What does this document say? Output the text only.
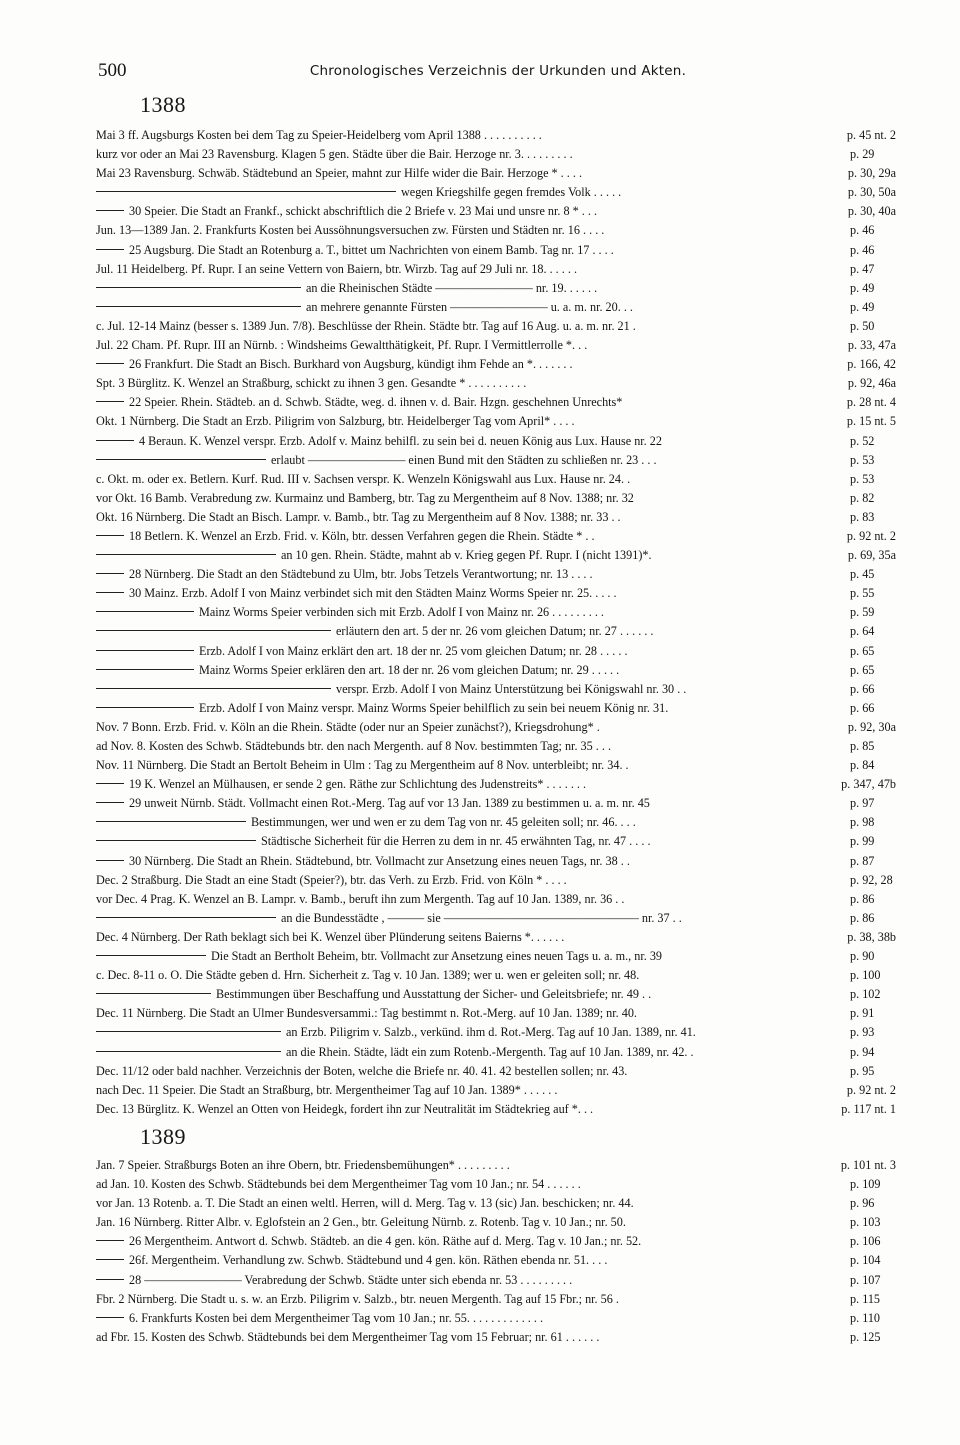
500	Chronologisches Verzeichnis der Urkunden und Akten.
1388
Mai 3 ff. Augsburgs Kosten bei dem Tag zu Speier-Heidelberg vom April 1388 . . . . . . . . . .	p. 45 nt. 2
kurz vor oder an Mai 23 Ravensburg. Klagen 5 gen. Städte über die Bair. Herzoge nr. 3. . . . . . . . .	p. 29
Mai 23 Ravensburg. Schwäb. Städtebund an Speier, mahnt zur Hilfe wider die Bair. Herzoge * . . . .	p. 30, 29a
wegen Kriegshilfe gegen fremdes Volk . . . . .	p. 30, 50a
30 Speier. Die Stadt an Frankf., schickt abschriftlich die 2 Briefe v. 23 Mai und unsre nr. 8 * . . .	p. 30, 40a
Jun. 13—1389 Jan. 2. Frankfurts Kosten bei Aussöhnungsversuchen zw. Fürsten und Städten nr. 16 . . . .	p. 46
25 Augsburg. Die Stadt an Rotenburg a. T., bittet um Nachrichten von einem Bamb. Tag nr. 17 . . . .	p. 46
Jul. 11 Heidelberg. Pf. Rupr. I an seine Vettern von Baiern, btr. Wirzb. Tag auf 29 Juli nr. 18. . . . . .	p. 47
an die Rheinischen Städte ———————— nr. 19. . . . . .	p. 49
an mehrere genannte Fürsten ———————— u. a. m. nr. 20. . .	p. 49
c. Jul. 12-14 Mainz (besser s. 1389 Jun. 7/8). Beschlüsse der Rhein. Städte btr. Tag auf 16 Aug. u. a. m. nr. 21 .	p. 50
Jul. 22 Cham. Pf. Rupr. III an Nürnb. : Windsheims Gewaltthätigkeit, Pf. Rupr. I Vermittlerrolle *. . .	p. 33, 47a
26 Frankfurt. Die Stadt an Bisch. Burkhard von Augsburg, kündigt ihm Fehde an *. . . . . . .	p. 166, 42
Spt. 3 Bürglitz. K. Wenzel an Straßburg, schickt zu ihnen 3 gen. Gesandte * . . . . . . . . . .	p. 92, 46a
22 Speier. Rhein. Städteb. an d. Schwb. Städte, weg. d. ihnen v. d. Bair. Hzgn. geschehnen Unrechts*	p. 28 nt. 4
Okt. 1 Nürnberg. Die Stadt an Erzb. Piligrim von Salzburg, btr. Heidelberger Tag vom April* . . . .	p. 15 nt. 5
4 Beraun. K. Wenzel verspr. Erzb. Adolf v. Mainz behilfl. zu sein bei d. neuen König aus Lux. Hause nr. 22	p. 52
erlaubt ———————— einen Bund mit den Städten zu schließen nr. 23 . . .	p. 53
c. Okt. m. oder ex. Betlern. Kurf. Rud. III v. Sachsen verspr. K. Wenzeln Königswahl aus Lux. Hause nr. 24. .	p. 53
vor Okt. 16 Bamb. Verabredung zw. Kurmainz und Bamberg, btr. Tag zu Mergentheim auf 8 Nov. 1388; nr. 32	p. 82
Okt. 16 Nürnberg. Die Stadt an Bisch. Lampr. v. Bamb., btr. Tag zu Mergentheim auf 8 Nov. 1388; nr. 33 . .	p. 83
18 Betlern. K. Wenzel an Erzb. Frid. v. Köln, btr. dessen Verfahren gegen die Rhein. Städte * . .	p. 92 nt. 2
an 10 gen. Rhein. Städte, mahnt ab v. Krieg gegen Pf. Rupr. I (nicht 1391)*.	p. 69, 35a
28 Nürnberg. Die Stadt an den Städtebund zu Ulm, btr. Jobs Tetzels Verantwortung; nr. 13 . . . .	p. 45
30 Mainz. Erzb. Adolf I von Mainz verbindet sich mit den Städten Mainz Worms Speier nr. 25. . . . .	p. 55
Mainz Worms Speier verbinden sich mit Erzb. Adolf I von Mainz nr. 26 . . . . . . . . .	p. 59
erläutern den art. 5 der nr. 26 vom gleichen Datum; nr. 27 . . . . . .	p. 64
Erzb. Adolf I von Mainz erklärt den art. 18 der nr. 25 vom gleichen Datum; nr. 28 . . . . .	p. 65
Mainz Worms Speier erklären den art. 18 der nr. 26 vom gleichen Datum; nr. 29 . . . . .	p. 65
verspr. Erzb. Adolf I von Mainz Unterstützung bei Königswahl nr. 30 . .	p. 66
Erzb. Adolf I von Mainz verspr. Mainz Worms Speier behilflich zu sein bei neuem König nr. 31.	p. 66
Nov. 7 Bonn. Erzb. Frid. v. Köln an die Rhein. Städte (oder nur an Speier zunächst?), Kriegsdrohung* .	p. 92, 30a
ad Nov. 8. Kosten des Schwb. Städtebunds btr. den nach Mergenth. auf 8 Nov. bestimmten Tag; nr. 35 . . .	p. 85
Nov. 11 Nürnberg. Die Stadt an Bertolt Beheim in Ulm : Tag zu Mergentheim auf 8 Nov. unterbleibt; nr. 34. .	p. 84
19 K. Wenzel an Mülhausen, er sende 2 gen. Räthe zur Schlichtung des Judenstreits* . . . . . . .	p. 347, 47b
29 unweit Nürnb. Städt. Vollmacht einen Rot.-Merg. Tag auf vor 13 Jan. 1389 zu bestimmen u. a. m. nr. 45	p. 97
Bestimmungen, wer und wen er zu dem Tag von nr. 45 geleiten soll; nr. 46. . . .	p. 98
Städtische Sicherheit für die Herren zu dem in nr. 45 erwähnten Tag, nr. 47 . . . .	p. 99
30 Nürnberg. Die Stadt an Rhein. Städtebund, btr. Vollmacht zur Ansetzung eines neuen Tags, nr. 38 . .	p. 87
Dec. 2 Straßburg. Die Stadt an eine Stadt (Speier?), btr. das Verh. zu Erzb. Frid. von Köln * . . . .	p. 92, 28
vor Dec. 4 Prag. K. Wenzel an B. Lampr. v. Bamb., beruft ihn zum Mergenth. Tag auf 10 Jan. 1389, nr. 36 . .	p. 86
an die Bundesstädte , ——— sie ———————————————— nr. 37 . .	p. 86
Dec. 4 Nürnberg. Der Rath beklagt sich bei K. Wenzel über Plünderung seitens Baierns *. . . . . .	p. 38, 38b
Die Stadt an Bertholt Beheim, btr. Vollmacht zur Ansetzung eines neuen Tags u. a. m., nr. 39	p. 90
c. Dec. 8-11 o. O. Die Städte geben d. Hrn. Sicherheit z. Tag v. 10 Jan. 1389; wer u. wen er geleiten soll; nr. 48.	p. 100
Bestimmungen über Beschaffung und Ausstattung der Sicher- und Geleitsbriefe; nr. 49 . .	p. 102
Dec. 11 Nürnberg. Die Stadt an Ulmer Bundesversammi.: Tag bestimmt n. Rot.-Merg. auf 10 Jan. 1389; nr. 40.	p. 91
an Erzb. Piligrim v. Salzb., verkünd. ihm d. Rot.-Merg. Tag auf 10 Jan. 1389, nr. 41.	p. 93
an die Rhein. Städte, lädt ein zum Rotenb.-Mergenth. Tag auf 10 Jan. 1389, nr. 42. .	p. 94
Dec. 11/12 oder bald nachher. Verzeichnis der Boten, welche die Briefe nr. 40. 41. 42 bestellen sollen; nr. 43.	p. 95
nach Dec. 11 Speier. Die Stadt an Straßburg, btr. Mergentheimer Tag auf 10 Jan. 1389* . . . . . .	p. 92 nt. 2
Dec. 13 Bürglitz. K. Wenzel an Otten von Heidegk, fordert ihn zur Neutralität im Städtekrieg auf *. . .	p. 117 nt. 1
1389
Jan. 7 Speier. Straßburgs Boten an ihre Obern, btr. Friedensbemühungen* . . . . . . . . .	p. 101 nt. 3
ad Jan. 10. Kosten des Schwb. Städtebunds bei dem Mergentheimer Tag vom 10 Jan.; nr. 54 . . . . . .	p. 109
vor Jan. 13 Rotenb. a. T. Die Stadt an einen weltl. Herren, will d. Merg. Tag v. 13 (sic) Jan. beschicken; nr. 44.	p. 96
Jan. 16 Nürnberg. Ritter Albr. v. Eglofstein an 2 Gen., btr. Geleitung Nürnb. z. Rotenb. Tag v. 10 Jan.; nr. 50.	p. 103
26 Mergentheim. Antwort d. Schwb. Städteb. an die 4 gen. kön. Räthe auf d. Merg. Tag v. 10 Jan.; nr. 52.	p. 106
26f. Mergentheim. Verhandlung zw. Schwb. Städtebund und 4 gen. kön. Räthen ebenda nr. 51. . . .	p. 104
28 ———————— Verabredung der Schwb. Städte unter sich ebenda nr. 53 . . . . . . . . .	p. 107
Fbr. 2 Nürnberg. Die Stadt u. s. w. an Erzb. Piligrim v. Salzb., btr. neuen Mergenth. Tag auf 15 Fbr.; nr. 56 .	p. 115
6. Frankfurts Kosten bei dem Mergentheimer Tag vom 10 Jan.; nr. 55. . . . . . . . . . . . .	p. 110
ad Fbr. 15. Kosten des Schwb. Städtebunds bei dem Mergentheimer Tag vom 15 Februar; nr. 61 . . . . . .	p. 125
